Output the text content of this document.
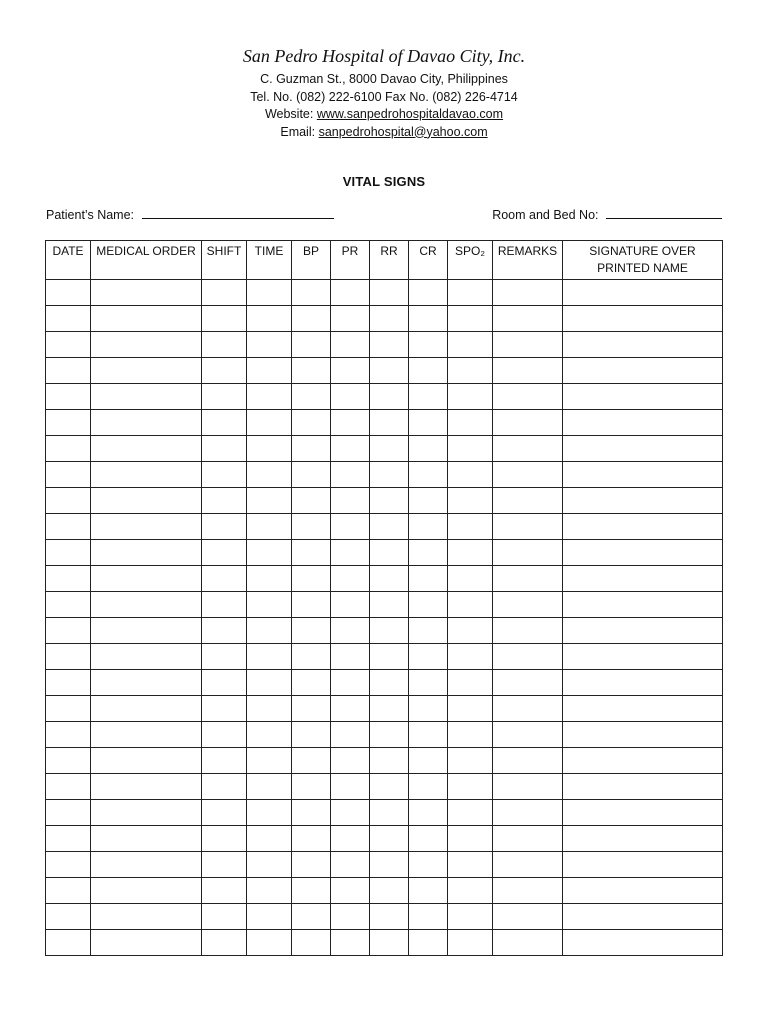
San Pedro Hospital of Davao City, Inc.
C. Guzman St., 8000 Davao City, Philippines
Tel. No. (082) 222-6100 Fax No. (082) 226-4714
Website: www.sanpedrohospitaldavao.com
Email: sanpedrohospital@yahoo.com
VITAL SIGNS
Patient’s Name:	Room and Bed No:
DATE	MEDICAL ORDER	SHIFT	TIME	BP	PR	RR	CR	SPO₂	REMARKS	SIGNATURE OVER PRINTED NAME
